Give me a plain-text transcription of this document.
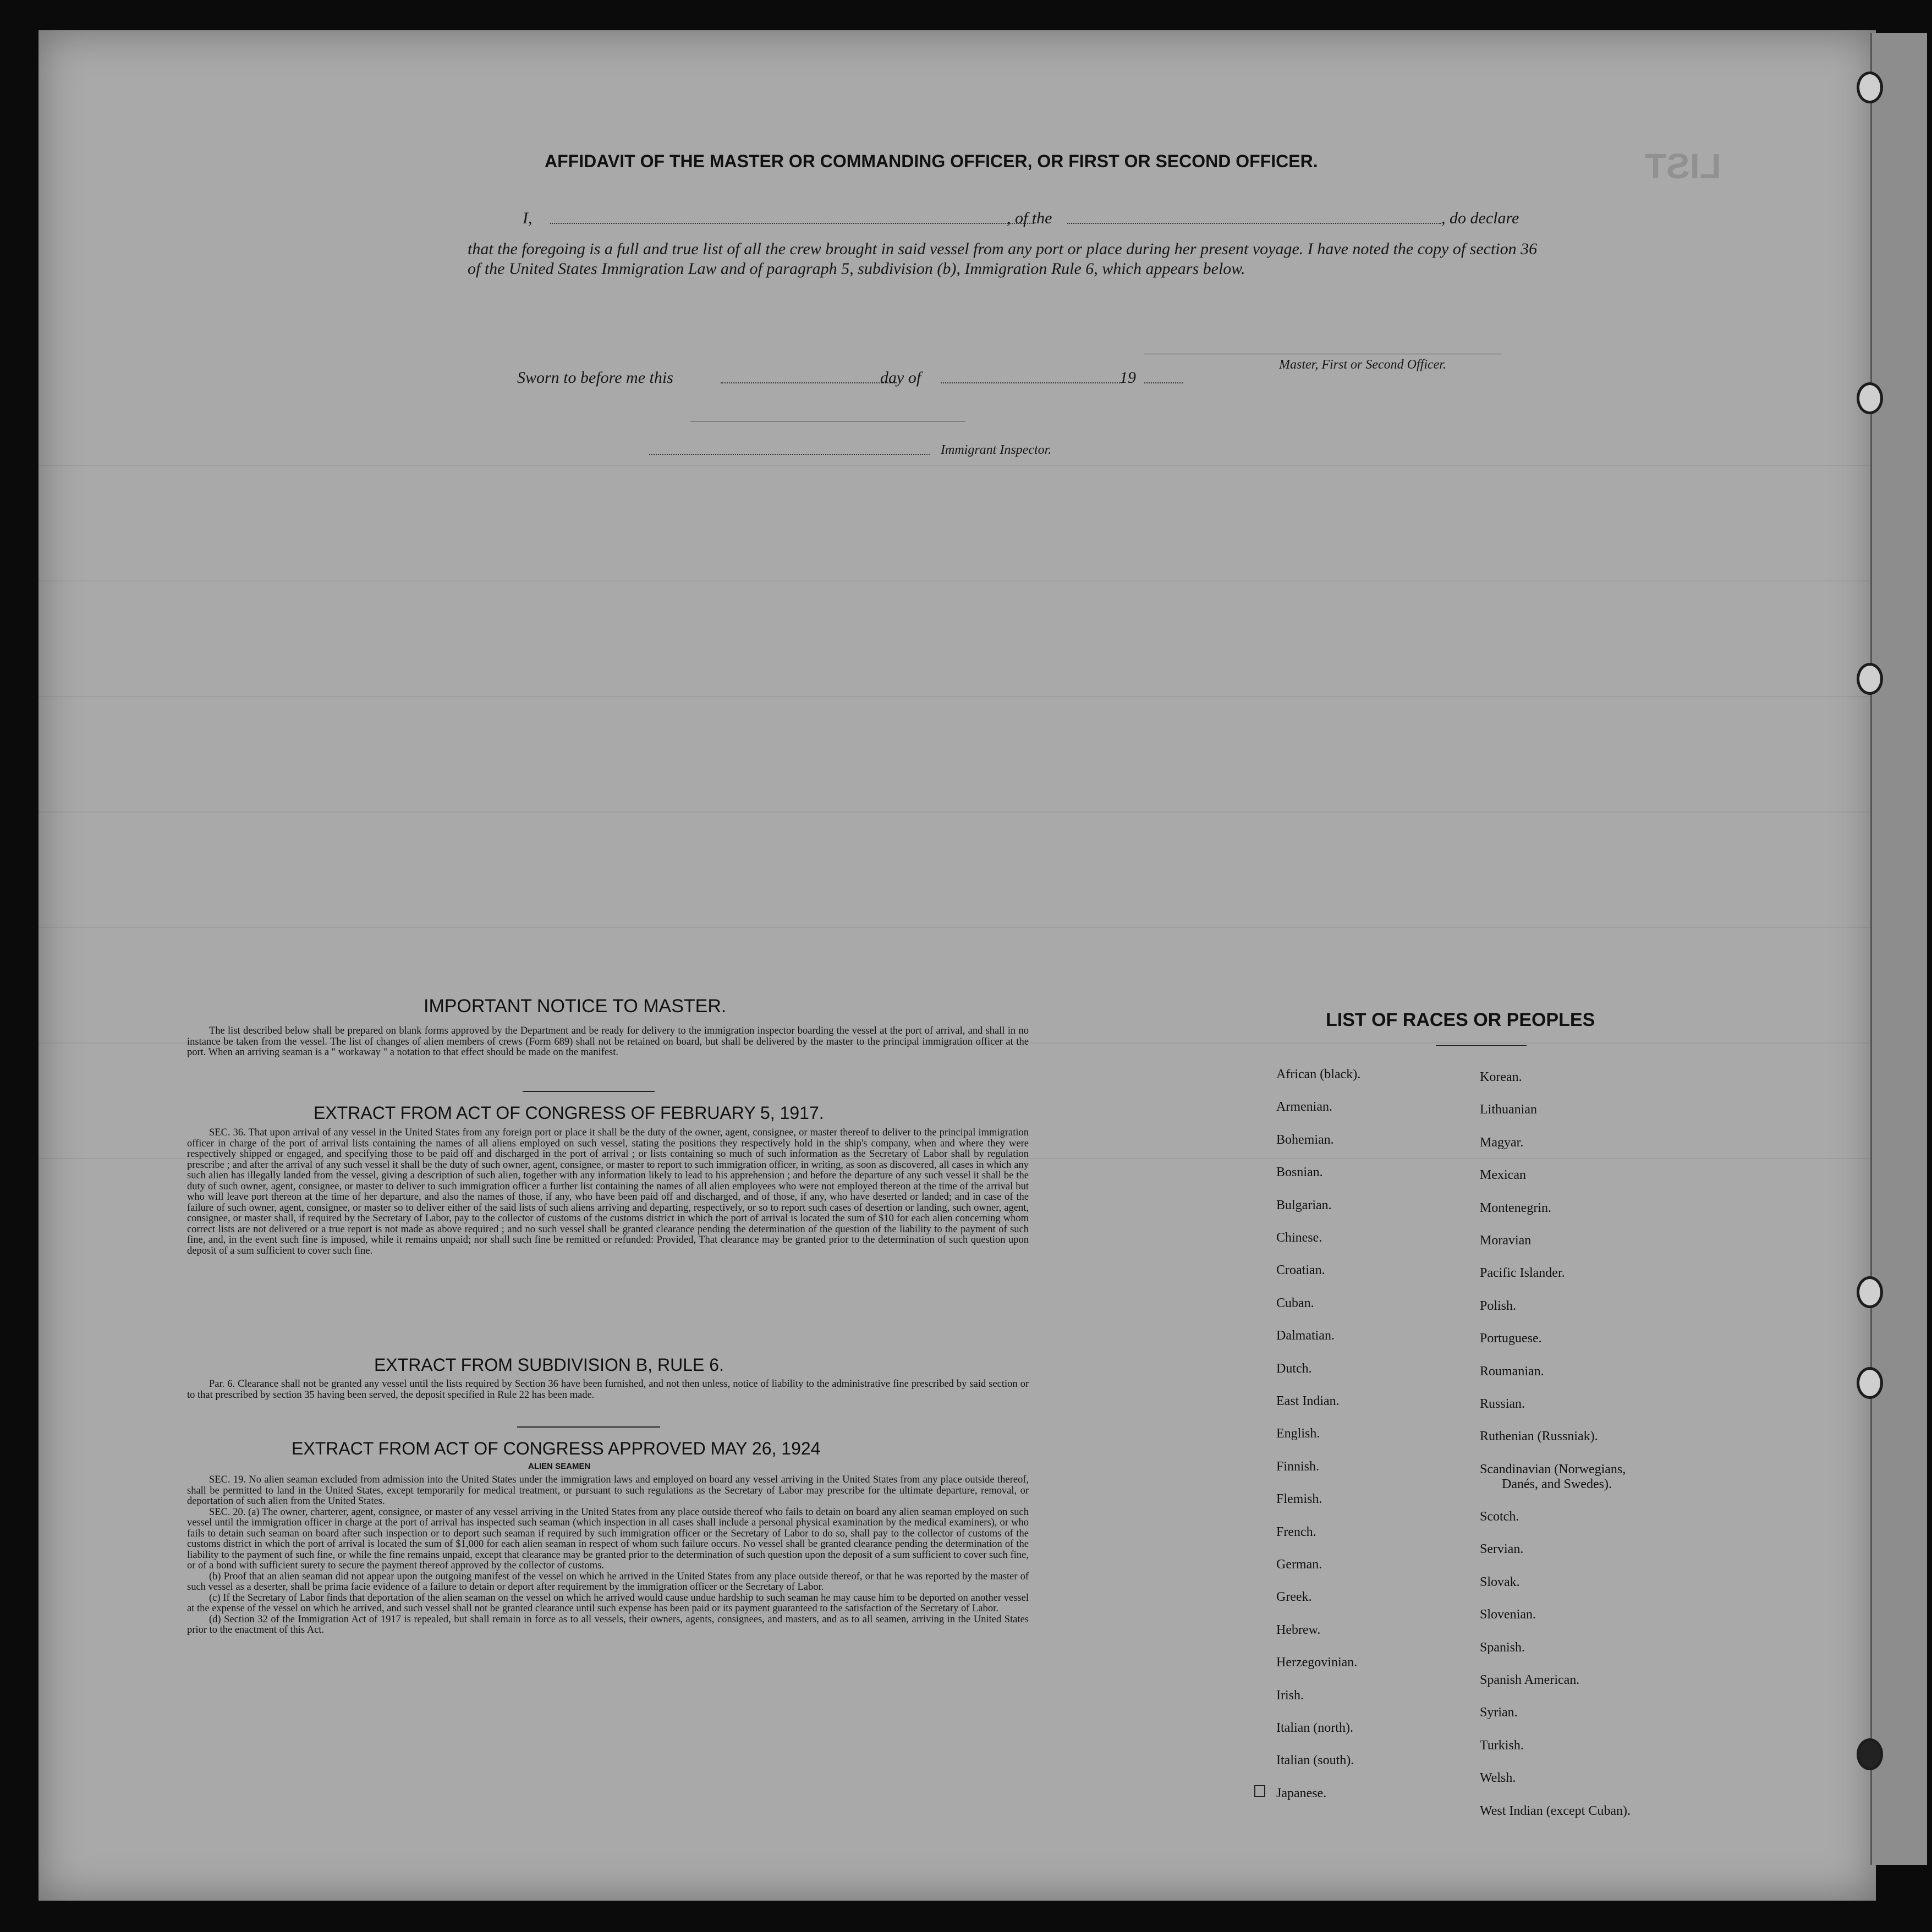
LIST
AFFIDAVIT OF THE MASTER OR COMMANDING OFFICER, OR FIRST OR SECOND OFFICER.
I,	, of the	, do declare
that the foregoing is a full and true list of all the crew brought in said vessel from any port or place during her present voyage. I have noted the copy of section 36 of the United States Immigration Law and of paragraph 5, subdivision (b), Immigration Rule 6, which appears below.
Master, First or Second Officer.
Sworn to before me this	day of	19
Immigrant Inspector.
IMPORTANT NOTICE TO MASTER.

The list described below shall be prepared on blank forms approved by the Department and be ready for delivery to the immigration inspector boarding the vessel at the port of arrival, and shall in no instance be taken from the vessel. The list of changes of alien members of crews (Form 689) shall not be retained on board, but shall be delivered by the master to the principal immigration officer at the port. When an arriving seaman is a " workaway " a notation to that effect should be made on the manifest.

EXTRACT FROM ACT OF CONGRESS OF FEBRUARY 5, 1917.

SEC. 36. That upon arrival of any vessel in the United States from any foreign port or place it shall be the duty of the owner, agent, consignee, or master thereof to deliver to the principal immigration officer in charge of the port of arrival lists containing the names of all aliens employed on such vessel, stating the positions they respectively hold in the ship's company, when and where they were respectively shipped or engaged, and specifying those to be paid off and discharged in the port of arrival ; or lists containing so much of such information as the Secretary of Labor shall by regulation prescribe ; and after the arrival of any such vessel it shall be the duty of such owner, agent, consignee, or master to report to such immigration officer, in writing, as soon as discovered, all cases in which any such alien has illegally landed from the vessel, giving a description of such alien, together with any information likely to lead to his apprehension ; and before the departure of any such vessel it shall be the duty of such owner, agent, consignee, or master to deliver to such immigration officer a further list containing the names of all alien employees who were not employed thereon at the time of the arrival but who will leave port thereon at the time of her departure, and also the names of those, if any, who have been paid off and discharged, and of those, if any, who have deserted or landed; and in case of the failure of such owner, agent, consignee, or master so to deliver either of the said lists of such aliens arriving and departing, respectively, or so to report such cases of desertion or landing, such owner, agent, consignee, or master shall, if required by the Secretary of Labor, pay to the collector of customs of the customs district in which the port of arrival is located the sum of $10 for each alien concerning whom correct lists are not delivered or a true report is not made as above required ; and no such vessel shall be granted clearance pending the determination of the question of the liability to the payment of such fine, and, in the event such fine is imposed, while it remains unpaid; nor shall such fine be remitted or refunded: Provided, That clearance may be granted prior to the determination of such question upon deposit of a sum sufficient to cover such fine.

EXTRACT FROM SUBDIVISION B, RULE 6.

Par. 6. Clearance shall not be granted any vessel until the lists required by Section 36 have been furnished, and not then unless, notice of liability to the administrative fine prescribed by said section or to that prescribed by section 35 having been served, the deposit specified in Rule 22 has been made.

EXTRACT FROM ACT OF CONGRESS APPROVED MAY 26, 1924
ALIEN SEAMEN

SEC. 19. No alien seaman excluded from admission into the United States under the immigration laws and employed on board any vessel arriving in the United States from any place outside thereof, shall be permitted to land in the United States, except temporarily for medical treatment, or pursuant to such regulations as the Secretary of Labor may prescribe for the ultimate departure, removal, or deportation of such alien from the United States.

SEC. 20. (a) The owner, charterer, agent, consignee, or master of any vessel arriving in the United States from any place outside thereof who fails to detain on board any alien seaman employed on such vessel until the immigration officer in charge at the port of arrival has inspected such seaman (which inspection in all cases shall include a personal physical examination by the medical examiners), or who fails to detain such seaman on board after such inspection or to deport such seaman if required by such immigration officer or the Secretary of Labor to do so, shall pay to the collector of customs of the customs district in which the port of arrival is located the sum of $1,000 for each alien seaman in respect of whom such failure occurs. No vessel shall be granted clearance pending the determination of the liability to the payment of such fine, or while the fine remains unpaid, except that clearance may be granted prior to the determination of such question upon the deposit of a sum sufficient to cover such fine, or of a bond with sufficient surety to secure the payment thereof approved by the collector of customs.

(b) Proof that an alien seaman did not appear upon the outgoing manifest of the vessel on which he arrived in the United States from any place outside thereof, or that he was reported by the master of such vessel as a deserter, shall be prima facie evidence of a failure to detain or deport after requirement by the immigration officer or the Secretary of Labor.

(c) If the Secretary of Labor finds that deportation of the alien seaman on the vessel on which he arrived would cause undue hardship to such seaman he may cause him to be deported on another vessel at the expense of the vessel on which he arrived, and such vessel shall not be granted clearance until such expense has been paid or its payment guaranteed to the satisfaction of the Secretary of Labor.

(d) Section 32 of the Immigration Act of 1917 is repealed, but shall remain in force as to all vessels, their owners, agents, consignees, and masters, and as to all seamen, arriving in the United States prior to the enactment of this Act.

LIST OF RACES OR PEOPLES
African (black).
Armenian.
Bohemian.
Bosnian.
Bulgarian.
Chinese.
Croatian.
Cuban.
Dalmatian.
Dutch.
East Indian.
English.
Finnish.
Flemish.
French.
German.
Greek.
Hebrew.
Herzegovinian.
Irish.
Italian (north).
Italian (south).
Japanese.
Korean.
Lithuanian
Magyar.
Mexican
Montenegrin.
Moravian
Pacific Islander.
Polish.
Portuguese.
Roumanian.
Russian.
Ruthenian (Russniak).
Scandinavian (Norwegians,
Danés, and Swedes).
Scotch.
Servian.
Slovak.
Slovenian.
Spanish.
Spanish American.
Syrian.
Turkish.
Welsh.
West Indian (except Cuban).
